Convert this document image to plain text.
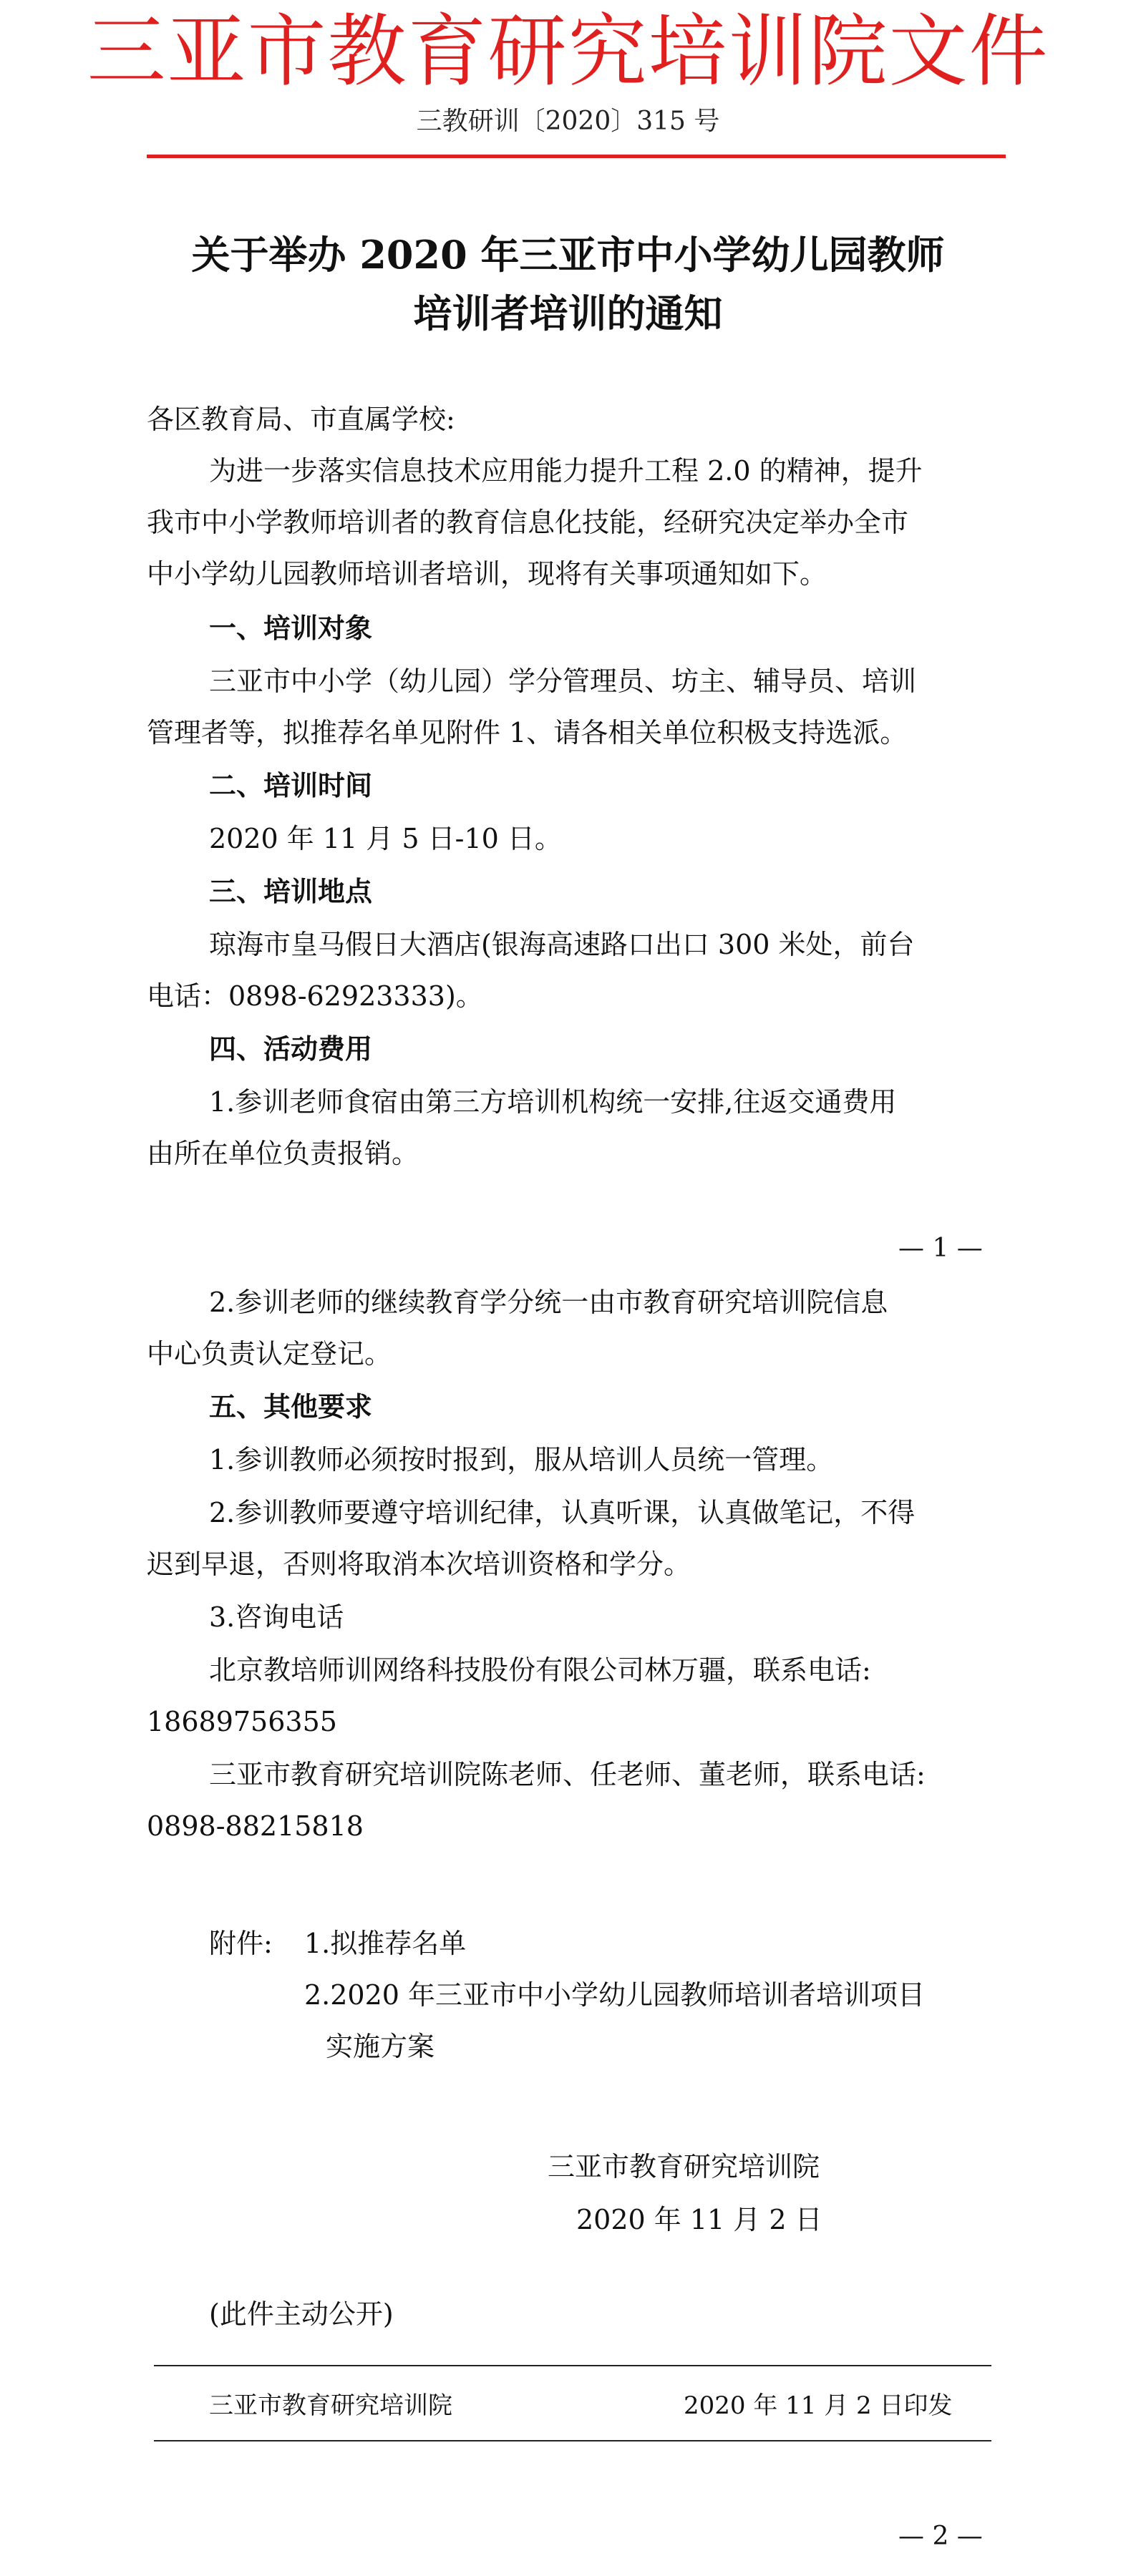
三亚市教育研究培训院文件
三教研训〔2020〕315 号
关于举办 2020 年三亚市中小学幼儿园教师
培训者培训的通知
各区教育局、市直属学校:
为进一步落实信息技术应用能力提升工程 2.0 的精神，提升
我市中小学教师培训者的教育信息化技能，经研究决定举办全市
中小学幼儿园教师培训者培训，现将有关事项通知如下。
一、培训对象
三亚市中小学（幼儿园）学分管理员、坊主、辅导员、培训
管理者等，拟推荐名单见附件 1、请各相关单位积极支持选派。
二、培训时间
2020 年 11 月 5 日-10 日。
三、培训地点
琼海市皇马假日大酒店(银海高速路口出口 300 米处，前台
电话：0898-62923333)。
四、活动费用
1.参训老师食宿由第三方培训机构统一安排,往返交通费用
由所在单位负责报销。
— 1 —
2.参训老师的继续教育学分统一由市教育研究培训院信息
中心负责认定登记。
五、其他要求
1.参训教师必须按时报到，服从培训人员统一管理。
2.参训教师要遵守培训纪律，认真听课，认真做笔记，不得
迟到早退，否则将取消本次培训资格和学分。
3.咨询电话
北京教培师训网络科技股份有限公司林万疆，联系电话:
18689756355
三亚市教育研究培训院陈老师、任老师、董老师，联系电话:
0898-88215818
附件: 1.拟推荐名单
2.2020 年三亚市中小学幼儿园教师培训者培训项目
实施方案
三亚市教育研究培训院
2020 年 11 月 2 日
(此件主动公开)
三亚市教育研究培训院	2020 年 11 月 2 日印发
— 2 —
